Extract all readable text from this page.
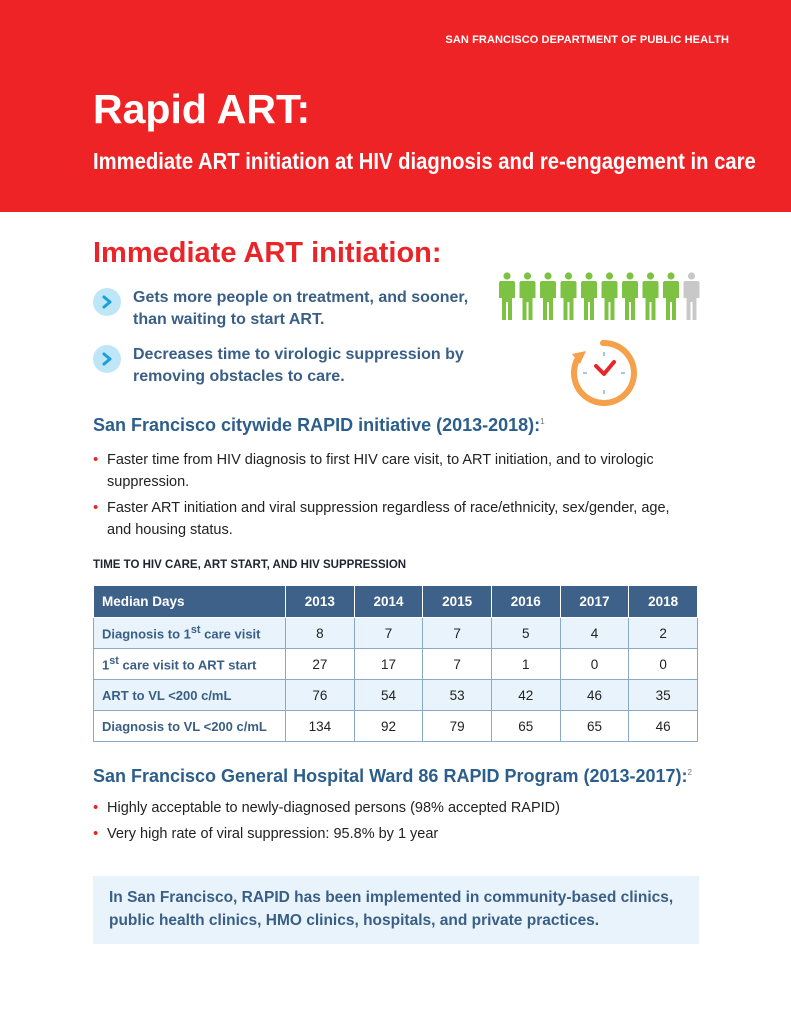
SAN FRANCISCO DEPARTMENT OF PUBLIC HEALTH
Rapid ART:
Immediate ART initiation at HIV diagnosis and re-engagement in care
Immediate ART initiation:
Gets more people on treatment, and sooner, than waiting to start ART.
Decreases time to virologic suppression by removing obstacles to care.
San Francisco citywide RAPID initiative (2013-2018):$^1$
• Faster time from HIV diagnosis to first HIV care visit, to ART initiation, and to virologic suppression.
• Faster ART initiation and viral suppression regardless of race/ethnicity, sex/gender, age, and housing status.
TIME TO HIV CARE, ART START, AND HIV SUPPRESSION
Median Days	2013	2014	2015	2016	2017	2018
Diagnosis to 1st care visit	8	7	7	5	4	2
1st care visit to ART start	27	17	7	1	0	0
ART to VL <200 c/mL	76	54	53	42	46	35
Diagnosis to VL <200 c/mL	134	92	79	65	65	46
San Francisco General Hospital Ward 86 RAPID Program (2013-2017):$^2$
• Highly acceptable to newly-diagnosed persons (98% accepted RAPID)
• Very high rate of viral suppression: 95.8% by 1 year
In San Francisco, RAPID has been implemented in community-based clinics, public health clinics, HMO clinics, hospitals, and private practices.
